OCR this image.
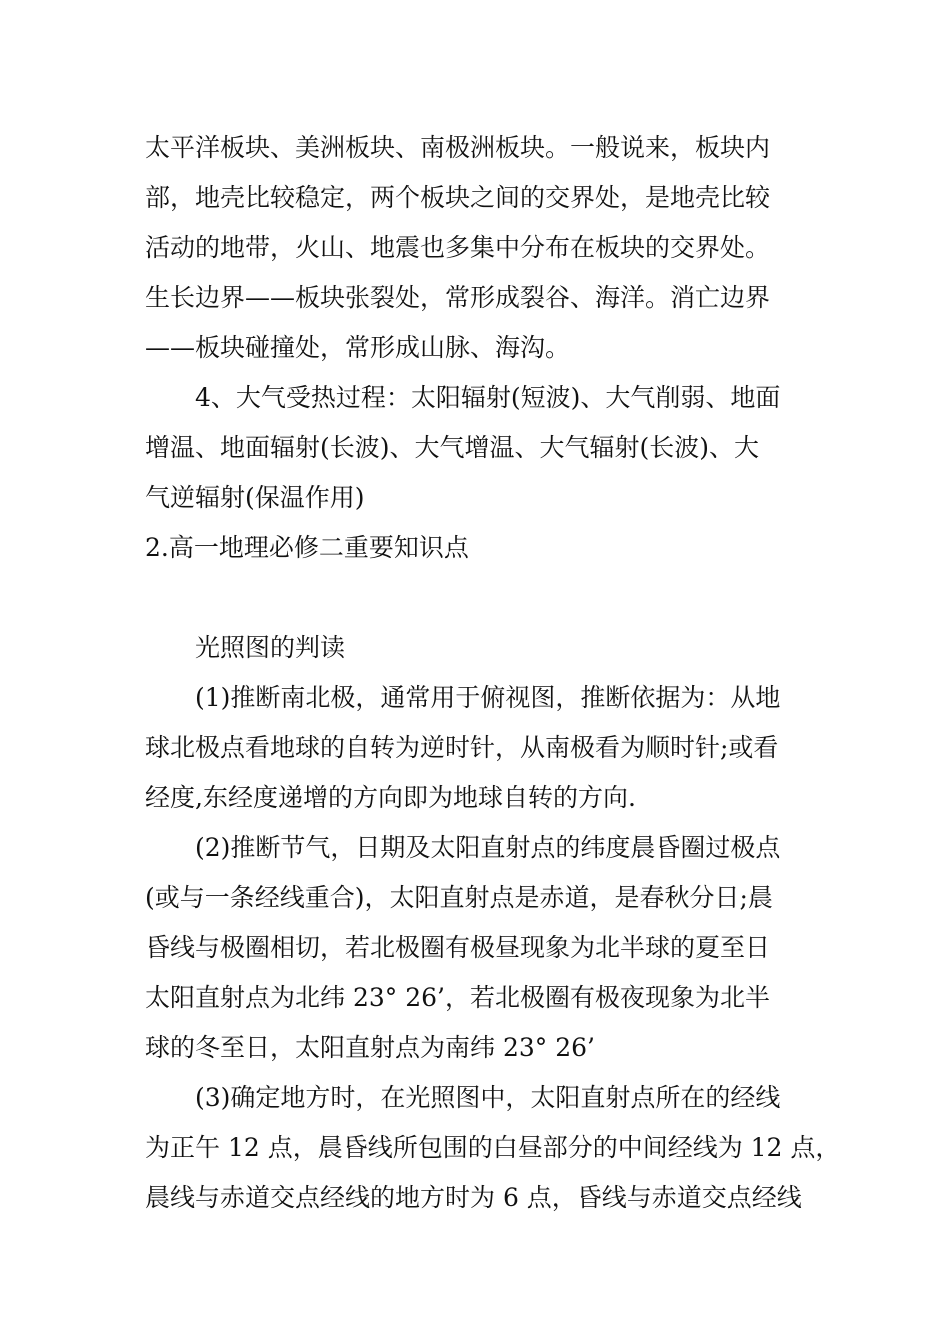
太平洋板块、美洲板块、南极洲板块。一般说来，板块内

部，地壳比较稳定，两个板块之间的交界处，是地壳比较

活动的地带，火山、地震也多集中分布在板块的交界处。

生长边界——板块张裂处，常形成裂谷、海洋。消亡边界

——板块碰撞处，常形成山脉、海沟。

4、大气受热过程：太阳辐射(短波)、大气削弱、地面

增温、地面辐射(长波)、大气增温、大气辐射(长波)、大

气逆辐射(保温作用)

2.高一地理必修二重要知识点

光照图的判读

(1)推断南北极，通常用于俯视图，推断依据为：从地

球北极点看地球的自转为逆时针，从南极看为顺时针;或看

经度,东经度递增的方向即为地球自转的方向.

(2)推断节气，日期及太阳直射点的纬度晨昏圈过极点

(或与一条经线重合)，太阳直射点是赤道，是春秋分日;晨

昏线与极圈相切，若北极圈有极昼现象为北半球的夏至日

太阳直射点为北纬 23° 26’，若北极圈有极夜现象为北半

球的冬至日，太阳直射点为南纬 23° 26’

(3)确定地方时，在光照图中，太阳直射点所在的经线

为正午 12 点，晨昏线所包围的白昼部分的中间经线为 12 点，

晨线与赤道交点经线的地方时为 6 点，昏线与赤道交点经线
